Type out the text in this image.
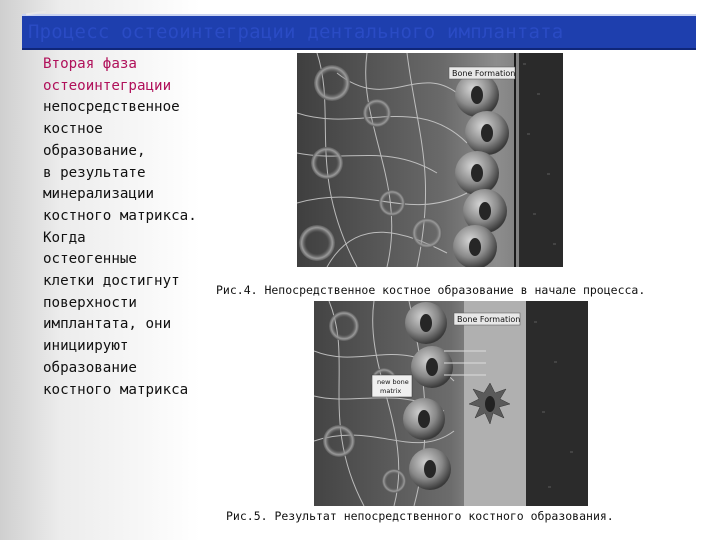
Процесс остеоинтеграции дентального имплантата
Вторая фаза
остеоинтеграции
непосредственное
костное
образование,
в результате
минерализации
костного матрикса.
Когда
остеогенные
клетки достигнут
поверхности
имплантата, они
инициируют
образование
костного матрикса
Bone Formation
Рис.4. Непосредственное костное образование в начале процесса.
Bone Formation
new bone
matrix
Рис.5. Результат непосредственного костного образования.
